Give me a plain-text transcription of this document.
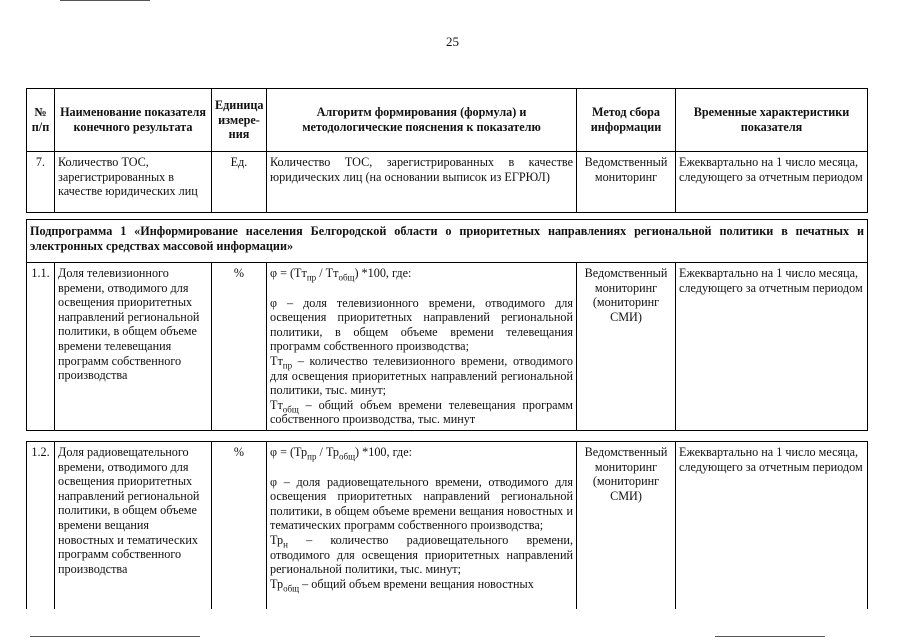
25
№ п/п	Наименование показателя конечного результата	Единица измере-ния	Алгоритм формирования (формула) и методологические пояснения к показателю	Метод сбора информации	Временные характеристики показателя
7.	Количество ТОС, зарегистрированных в качестве юридических лиц	Ед.	Количество ТОС, зарегистрированных в качестве юридических лиц (на основании выписок из ЕГРЮЛ)	Ведомственный мониторинг	Ежеквартально на 1 число месяца, следующего за отчетным периодом

Подпрограмма 1 «Информирование населения Белгородской области о приоритетных направлениях региональной политики в печатных и электронных средствах массовой информации»					
1.1.	Доля телевизионного времени, отводимого для освещения приоритетных направлений региональной политики, в общем объеме времени телевещания программ собственного производства	%	$\varphi = (Тт_{пр} / Тт_{общ})$ *100, где:

φ – доля телевизионного времени, отводимого для освещения приоритетных направлений региональной политики, в общем объеме времени телевещания программ собственного производства;

$Тт_{пр}$ – количество телевизионного времени, отводимого для освещения приоритетных направлений региональной политики, тыс. минут;

$Тт_{общ}$ – общий объем времени телевещания программ собственного производства, тыс. минут	Ведомственный мониторинг (мониторинг СМИ)	Ежеквартально на 1 число месяца, следующего за отчетным периодом

1.2.	Доля радиовещательного времени, отводимого для освещения приоритетных направлений региональной политики, в общем объеме времени вещания новостных и тематических программ собственного производства	%	$\varphi = (Тр_{пр} / Тр_{общ})$ *100, где:

φ – доля радиовещательного времени, отводимого для освещения приоритетных направлений региональной политики, в общем объеме времени вещания новостных и тематических программ собственного производства;

$Тр_н$ – количество радиовещательного времени, отводимого для освещения приоритетных направлений региональной политики, тыс. минут;

$Тр_{общ}$ – общий объем времени вещания новостных	Ведомственный мониторинг (мониторинг СМИ)	Ежеквартально на 1 число месяца, следующего за отчетным периодом
